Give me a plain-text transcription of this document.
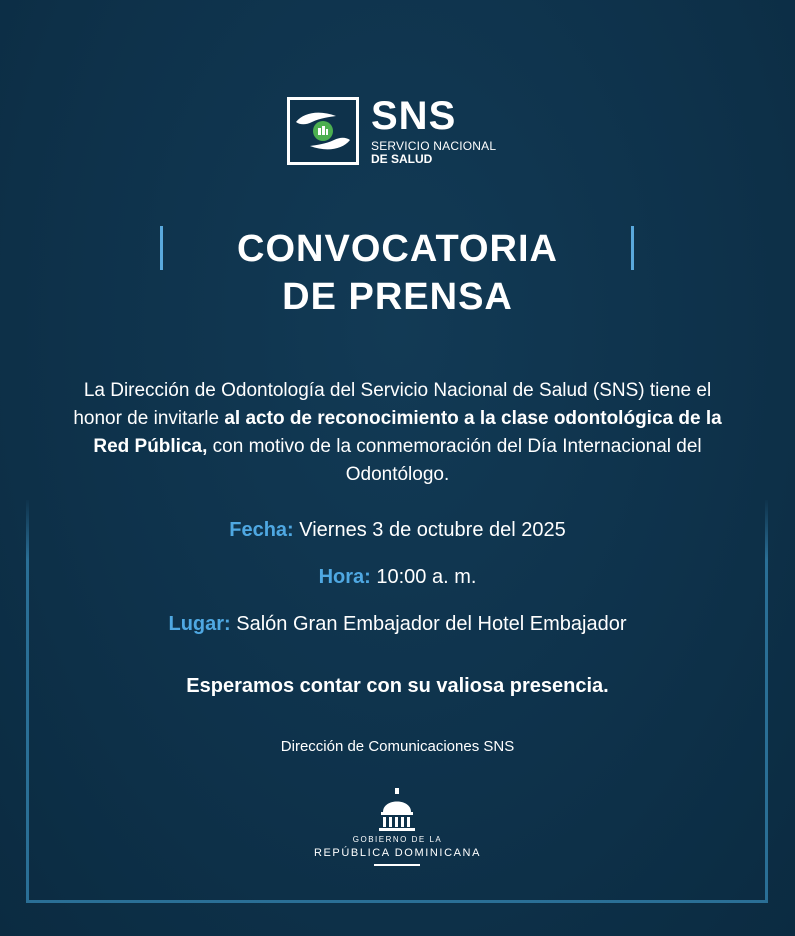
SNS
SERVICIO NACIONAL
DE SALUD
CONVOCATORIA
DE PRENSA
La Dirección de Odontología del Servicio Nacional de Salud (SNS) tiene el honor de invitarle al acto de reconocimiento a la clase odontológica de la Red Pública, con motivo de la conmemoración del Día Internacional del Odontólogo.
Fecha: Viernes 3 de octubre del 2025
Hora: 10:00 a. m.
Lugar: Salón Gran Embajador del Hotel Embajador
Esperamos contar con su valiosa presencia.
Dirección de Comunicaciones SNS
GOBIERNO DE LA
REPÚBLICA DOMINICANA
